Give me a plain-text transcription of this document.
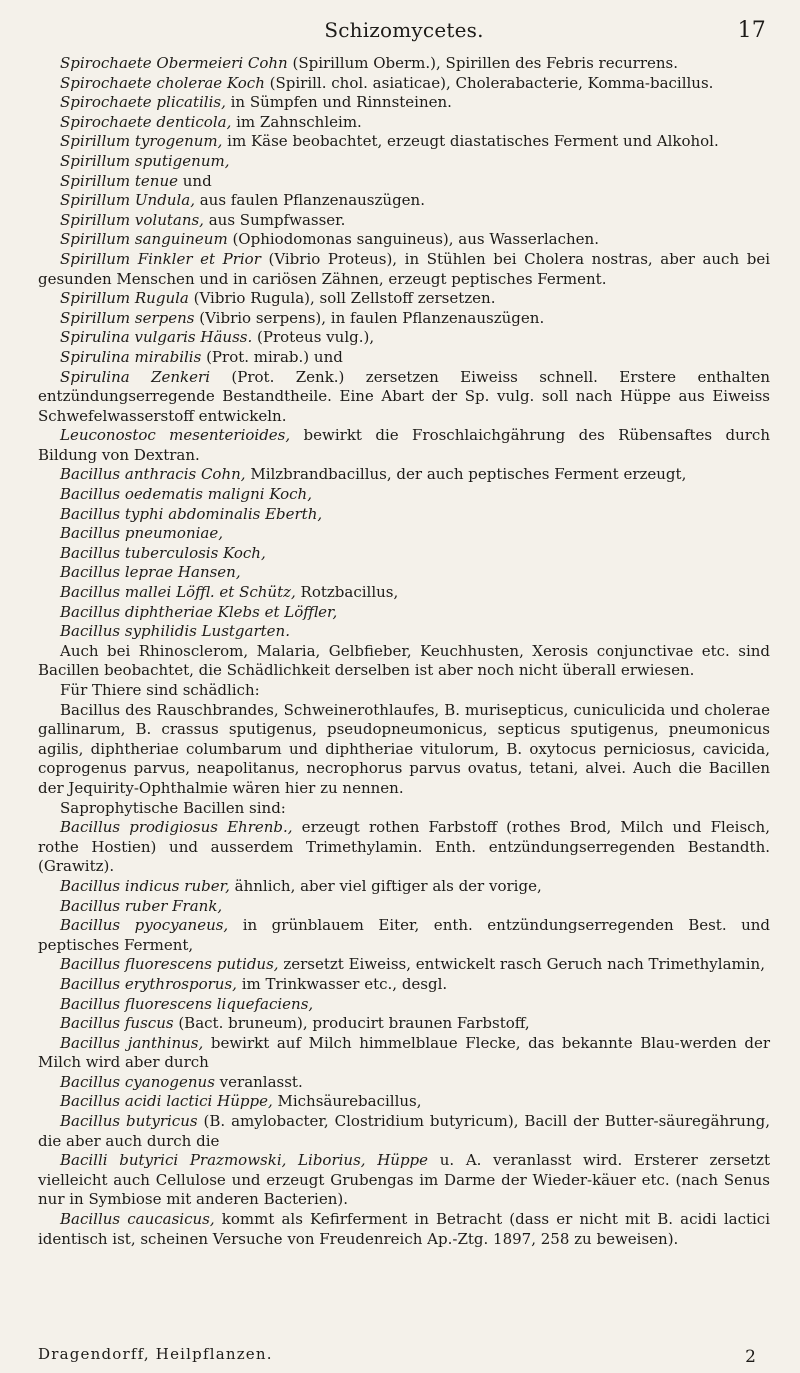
Schizomycetes.	17

Spirochaete Obermeieri Cohn (Spirillum Oberm.), Spirillen des Febris recurrens.

Spirochaete cholerae Koch (Spirill. chol. asiaticae), Cholerabacterie, Komma-bacillus.

Spirochaete plicatilis, in Sümpfen und Rinnsteinen.

Spirochaete denticola, im Zahnschleim.

Spirillum tyrogenum, im Käse beobachtet, erzeugt diastatisches Ferment und Alkohol.

Spirillum sputigenum,

Spirillum tenue und

Spirillum Undula, aus faulen Pflanzenauszügen.

Spirillum volutans, aus Sumpfwasser.

Spirillum sanguineum (Ophiodomonas sanguineus), aus Wasserlachen.

Spirillum Finkler et Prior (Vibrio Proteus), in Stühlen bei Cholera nostras, aber auch bei gesunden Menschen und in cariösen Zähnen, erzeugt peptisches Ferment.

Spirillum Rugula (Vibrio Rugula), soll Zellstoff zersetzen.

Spirillum serpens (Vibrio serpens), in faulen Pflanzenauszügen.

Spirulina vulgaris Häuss. (Proteus vulg.),

Spirulina mirabilis (Prot. mirab.) und

Spirulina Zenkeri (Prot. Zenk.) zersetzen Eiweiss schnell. Erstere enthalten entzündungserregende Bestandtheile. Eine Abart der Sp. vulg. soll nach Hüppe aus Eiweiss Schwefelwasserstoff entwickeln.

Leuconostoc mesenterioides, bewirkt die Froschlaichgährung des Rübensaftes durch Bildung von Dextran.

Bacillus anthracis Cohn, Milzbrandbacillus, der auch peptisches Ferment erzeugt,

Bacillus oedematis maligni Koch,

Bacillus typhi abdominalis Eberth,

Bacillus pneumoniae,

Bacillus tuberculosis Koch,

Bacillus leprae Hansen,

Bacillus mallei Löffl. et Schütz, Rotzbacillus,

Bacillus diphtheriae Klebs et Löffler,

Bacillus syphilidis Lustgarten.

Auch bei Rhinosclerom, Malaria, Gelbfieber, Keuchhusten, Xerosis conjunctivae etc. sind Bacillen beobachtet, die Schädlichkeit derselben ist aber noch nicht überall erwiesen.

Für Thiere sind schädlich:

Bacillus des Rauschbrandes, Schweinerothlaufes, B. murisepticus, cuniculicida und cholerae gallinarum, B. crassus sputigenus, pseudopneumonicus, septicus sputigenus, pneumonicus agilis, diphtheriae columbarum und diphtheriae vitulorum, B. oxytocus perniciosus, cavicida, coprogenus parvus, neapolitanus, necrophorus parvus ovatus, tetani, alvei. Auch die Bacillen der Jequirity-Ophthalmie wären hier zu nennen.

Saprophytische Bacillen sind:

Bacillus prodigiosus Ehrenb., erzeugt rothen Farbstoff (rothes Brod, Milch und Fleisch, rothe Hostien) und ausserdem Trimethylamin. Enth. entzündungserregenden Bestandth. (Grawitz).

Bacillus indicus ruber, ähnlich, aber viel giftiger als der vorige,

Bacillus ruber Frank,

Bacillus pyocyaneus, in grünblauem Eiter, enth. entzündungserregenden Best. und peptisches Ferment,

Bacillus fluorescens putidus, zersetzt Eiweiss, entwickelt rasch Geruch nach Trimethylamin,

Bacillus erythrosporus, im Trinkwasser etc., desgl.

Bacillus fluorescens liquefaciens,

Bacillus fuscus (Bact. bruneum), producirt braunen Farbstoff,

Bacillus janthinus, bewirkt auf Milch himmelblaue Flecke, das bekannte Blau-werden der Milch wird aber durch

Bacillus cyanogenus veranlasst.

Bacillus acidi lactici Hüppe, Michsäurebacillus,

Bacillus butyricus (B. amylobacter, Clostridium butyricum), Bacill der Butter-säuregährung, die aber auch durch die

Bacilli butyrici Prazmowski, Liborius, Hüppe u. A. veranlasst wird. Ersterer zersetzt vielleicht auch Cellulose und erzeugt Grubengas im Darme der Wieder-käuer etc. (nach Senus nur in Symbiose mit anderen Bacterien).

Bacillus caucasicus, kommt als Kefirferment in Betracht (dass er nicht mit B. acidi lactici identisch ist, scheinen Versuche von Freudenreich Ap.-Ztg. 1897, 258 zu beweisen).

Dragendorff, Heilpflanzen.	2
